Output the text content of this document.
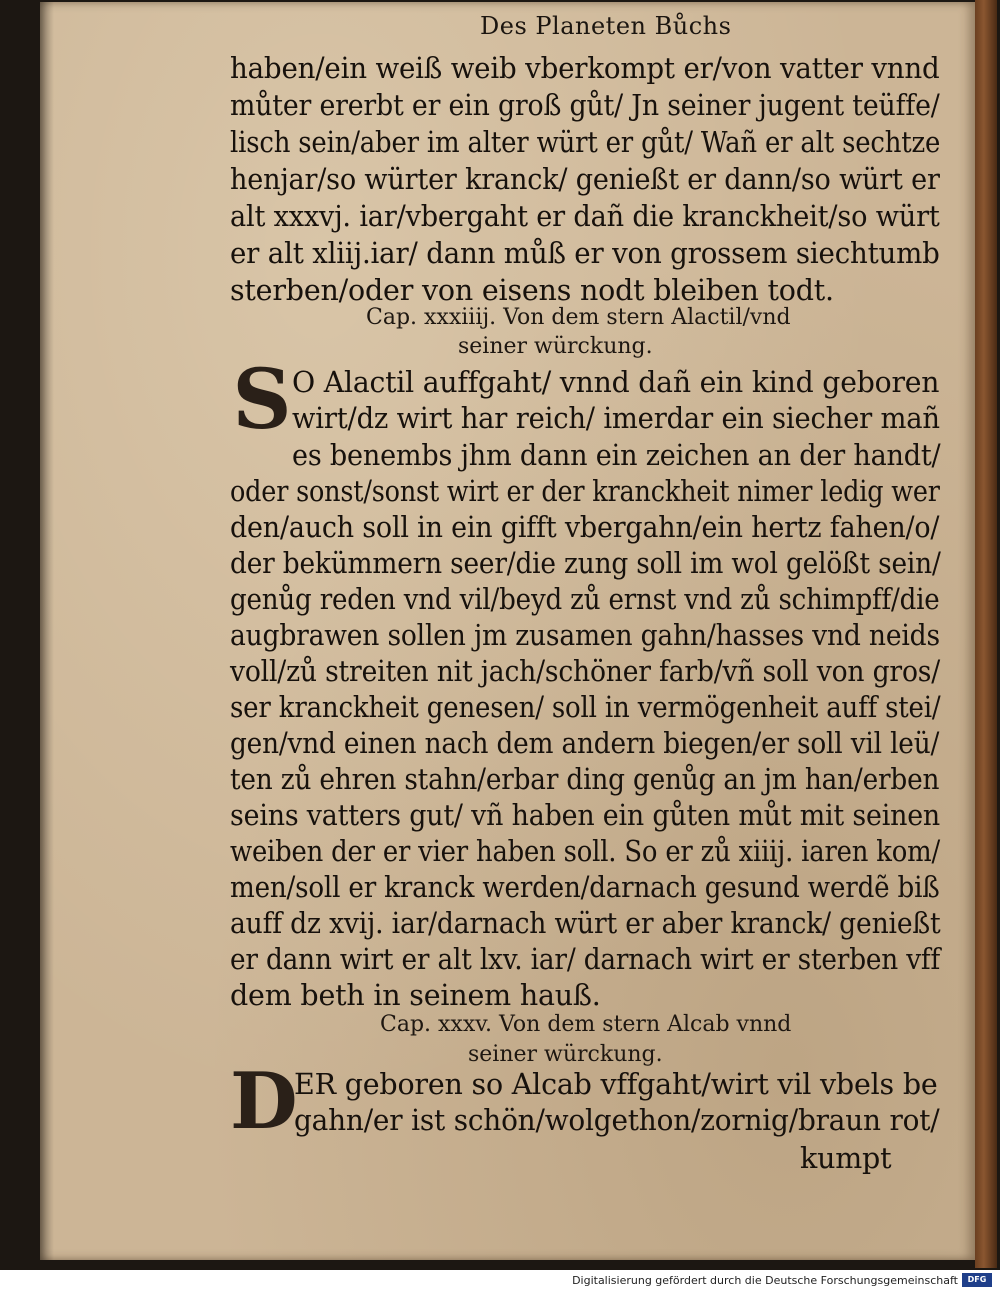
Des Planeten Bůchs
haben/ein weiß weib vberkompt er/von vatter vnnd
můter ererbt er ein groß gůt/ Jn seiner jugent teüffe/
lisch sein/aber im alter würt er gůt/ Wañ er alt sechtze
henjar/so würter kranck/ genießt er dann/so würt er
alt xxxvj. iar/vbergaht er dañ die kranckheit/so würt
er alt xliij.iar/ dann můß er von grossem siechtumb
sterben/oder von eisens nodt bleiben todt.
Cap. xxxiiij. Von dem stern Alactil/vnd
seiner würckung.
S O Alactil auffgaht/ vnnd dañ ein kind geboren
wirt/dz wirt har reich/ imerdar ein siecher mañ
es benembs jhm dann ein zeichen an der handt/
oder sonst/sonst wirt er der kranckheit nimer ledig wer
den/auch soll in ein gifft vbergahn/ein hertz fahen/o/
der bekümmern seer/die zung soll im wol gelößt sein/
genůg reden vnd vil/beyd zů ernst vnd zů schimpff/die
augbrawen sollen jm zusamen gahn/hasses vnd neids
voll/zů streiten nit jach/schöner farb/vñ soll von gros/
ser kranckheit genesen/ soll in vermögenheit auff stei/
gen/vnd einen nach dem andern biegen/er soll vil leü/
ten zů ehren stahn/erbar ding genůg an jm han/erben
seins vatters gut/ vñ haben ein gůten můt mit seinen
weiben der er vier haben soll. So er zů xiiij. iaren kom/
men/soll er kranck werden/darnach gesund werdẽ biß
auff dz xvij. iar/darnach würt er aber kranck/ genießt
er dann wirt er alt lxv. iar/ darnach wirt er sterben vff
dem beth in seinem hauß.
Cap. xxxv. Von dem stern Alcab vnnd
seiner würckung.
D
ER geboren so Alcab vffgaht/wirt vil vbels be
gahn/er ist schön/wolgethon/zornig/braun rot/
kumpt
Digitalisierung gefördert durch die Deutsche Forschungsgemeinschaft	DFG
